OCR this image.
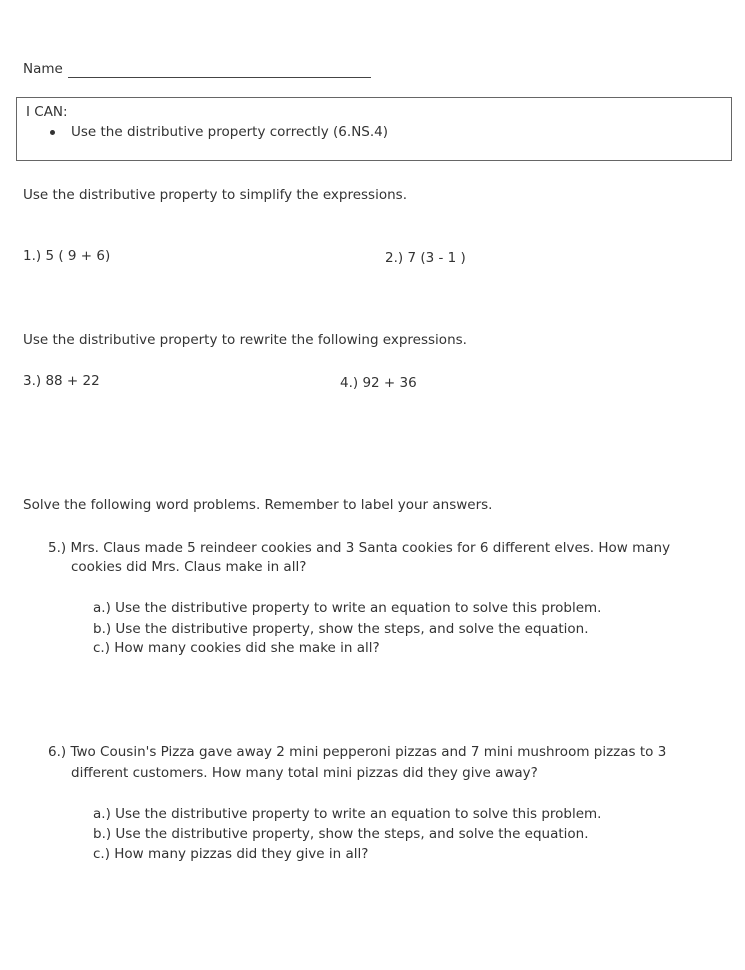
Name
I CAN:
Use the distributive property correctly (6.NS.4)
Use the distributive property to simplify the expressions.
1.) 5 ( 9 + 6)	2.) 7 (3 - 1 )
Use the distributive property to rewrite the following expressions.
3.) 88 + 22	4.) 92 + 36
Solve the following word problems. Remember to label your answers.
5.) Mrs. Claus made 5 reindeer cookies and 3 Santa cookies for 6 different elves. How many
cookies did Mrs. Claus make in all?
a.) Use the distributive property to write an equation to solve this problem.
b.) Use the distributive property, show the steps, and solve the equation.
c.) How many cookies did she make in all?
6.) Two Cousin's Pizza gave away 2 mini pepperoni pizzas and 7 mini mushroom pizzas to 3
different customers. How many total mini pizzas did they give away?
a.) Use the distributive property to write an equation to solve this problem.
b.) Use the distributive property, show the steps, and solve the equation.
c.) How many pizzas did they give in all?
